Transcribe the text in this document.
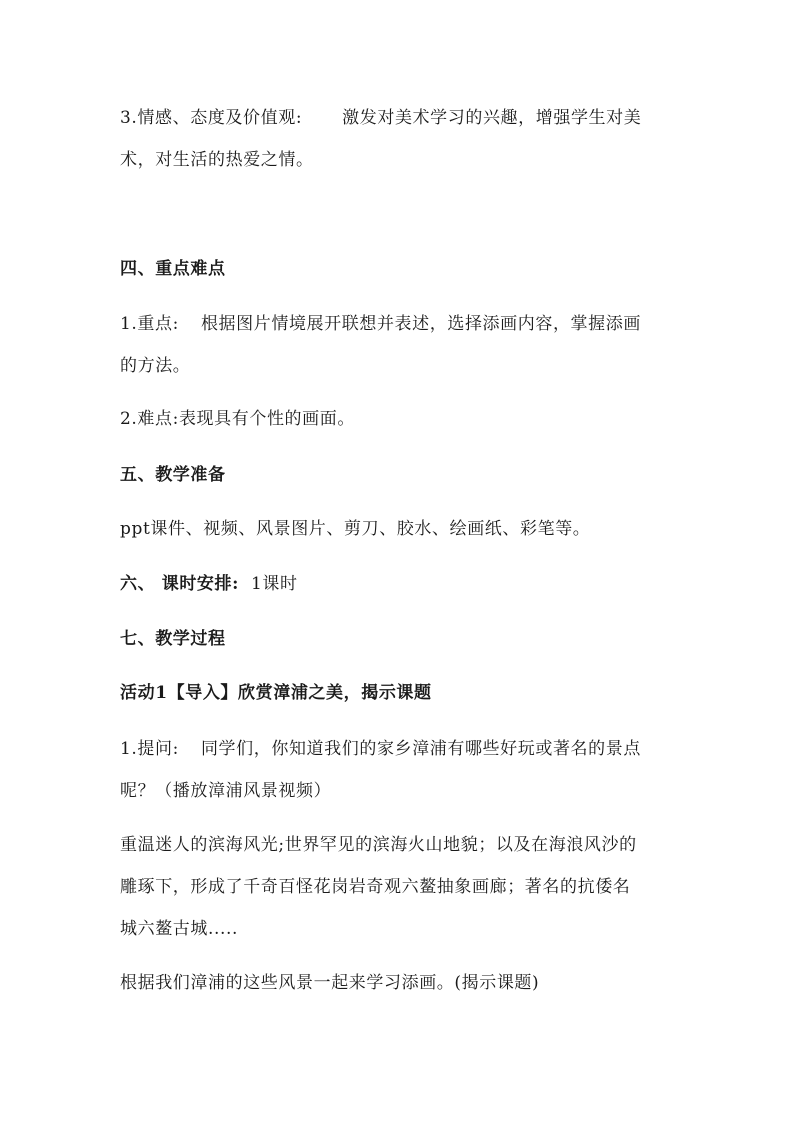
3.情感、态度及价值观: 激发对美术学习的兴趣，增强学生对美
术，对生活的热爱之情。
四、重点难点
1.重点: 根据图片情境展开联想并表述，选择添画内容，掌握添画
的方法。
2.难点:表现具有个性的画面。
五、教学准备
ppt课件、视频、风景图片、剪刀、胶水、绘画纸、彩笔等。
六、 课时安排: 1课时
七、教学过程
活动1【导入】欣赏漳浦之美，揭示课题
1.提问: 同学们，你知道我们的家乡漳浦有哪些好玩或著名的景点
呢？（播放漳浦风景视频）
重温迷人的滨海风光;世界罕见的滨海火山地貌；以及在海浪风沙的
雕琢下，形成了千奇百怪花岗岩奇观六鳌抽象画廊；著名的抗倭名
城六鳌古城.....
根据我们漳浦的这些风景一起来学习添画。(揭示课题)
